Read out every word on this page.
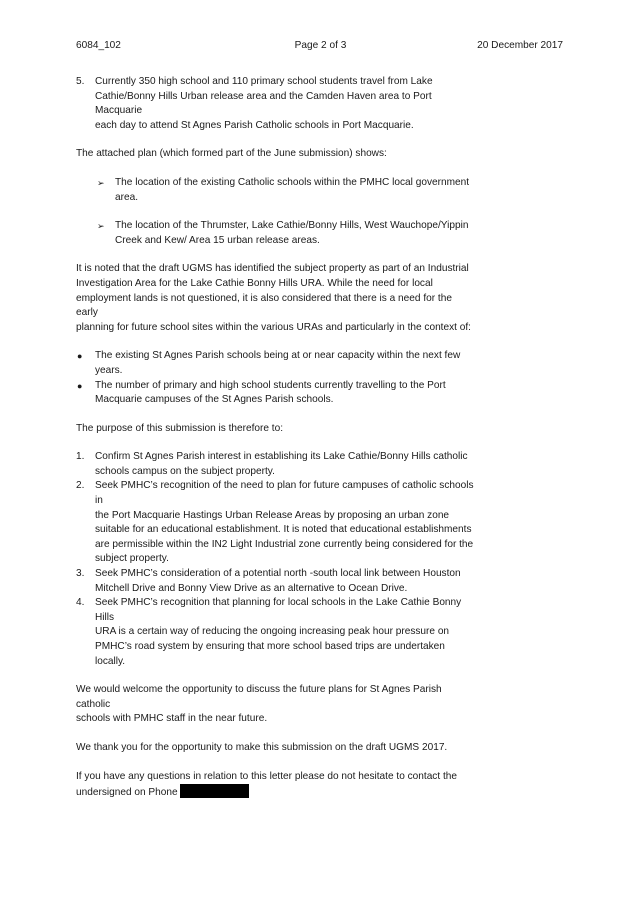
6084_102	Page 2 of 3	20 December 2017
5. Currently 350 high school and 110 primary school students travel from Lake
Cathie/Bonny Hills Urban release area and the Camden Haven area to Port Macquarie
each day to attend St Agnes Parish Catholic schools in Port Macquarie.

The attached plan (which formed part of the June submission) shows:

➢ The location of the existing Catholic schools within the PMHC local government
area.
➢ The location of the Thrumster, Lake Cathie/Bonny Hills, West Wauchope/Yippin
Creek and Kew/ Area 15 urban release areas.
It is noted that the draft UGMS has identified the subject property as part of an Industrial
Investigation Area for the Lake Cathie Bonny Hills URA. While the need for local
employment lands is not questioned, it is also considered that there is a need for the early
planning for future school sites within the various URAs and particularly in the context of:
● The existing St Agnes Parish schools being at or near capacity within the next few
years.
● The number of primary and high school students currently travelling to the Port
Macquarie campuses of the St Agnes Parish schools.

The purpose of this submission is therefore to:

1. Confirm St Agnes Parish interest in establishing its Lake Cathie/Bonny Hills catholic
schools campus on the subject property.
2. Seek PMHC’s recognition of the need to plan for future campuses of catholic schools in
the Port Macquarie Hastings Urban Release Areas by proposing an urban zone
suitable for an educational establishment. It is noted that educational establishments
are permissible within the IN2 Light Industrial zone currently being considered for the
subject property.
3. Seek PMHC’s consideration of a potential north -south local link between Houston
Mitchell Drive and Bonny View Drive as an alternative to Ocean Drive.
4. Seek PMHC’s recognition that planning for local schools in the Lake Cathie Bonny Hills
URA is a certain way of reducing the ongoing increasing peak hour pressure on
PMHC’s road system by ensuring that more school based trips are undertaken locally.
We would welcome the opportunity to discuss the future plans for St Agnes Parish catholic
schools with PMHC staff in the near future.

We thank you for the opportunity to make this submission on the draft UGMS 2017.

If you have any questions in relation to this letter please do not hesitate to contact the
undersigned on Phone
